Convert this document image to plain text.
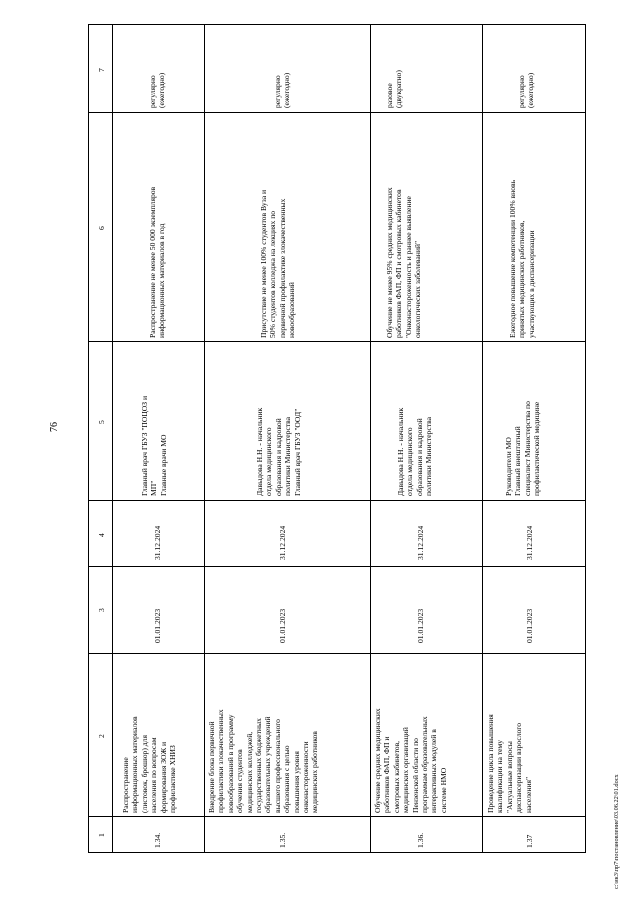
76
1
2
3
4
5
6
7
1.34.
Распространение
информационных материалов
(листовок, брошюр) для
населения по вопросам
формирования ЗОЖ и
профилактике ХНИЗ
01.01.2023
31.12.2024
Главный врач ГБУЗ "ПОЦОЗ и
МП"
Главные врачи МО
Распространение не менее 50 000 экземпляров
информационных материалов в год
регулярно
(ежегодно)
1.35.
Внедрение блока первичной
профилактики злокачественных
новообразований в программу
обучения студентов
медицинских колледжей,
государственных бюджетных
образовательных учреждений
высшего профессионального
образования с целью
повышения уровня
онконастороженности
медицинских работников
01.01.2023
31.12.2024
Давыдова Н.Н. - начальник
отдела медицинского
образования и кадровой
политики Министерства
Главный врач ГБУЗ "ООД"
Присутствие не менее 100% студентов Вуза и
50% студентов колледжа на лекциях по
первичной профилактике злокачественных
новообразований
регулярно
(ежегодно)
1.36.
Обучение средних медицинских
работников ФАП, ФП и
смотровых кабинетов,
медицинских организаций
Пензенской области по
программам образовательных
интерактивных модулей в
системе НМО
01.01.2023
31.12.2024
Давыдова Н.Н. - начальник
отдела медицинского
образования и кадровой
политики Министерства
Обучение не менее 95% средних медицинских
работников ФАП, ФП и смотровых кабинетов
"Онконастороженность и раннее выявление
онкологических заболеваний"
разовое
(двукратно)
1.37
Проведение цикла повышения
квалификации на тему
"Актуальные вопросы
диспансеризации взрослого
населения"
01.01.2023
31.12.2024
Руководители МО
Главный внештатный
специалист Министерства по
профилактической медицине
Ежегодное повышение компетенции 100% вновь
принятых медицинских работников,
участвующих в диспансеризации
регулярно
(ежегодно)
c:\ик3\пр7\постановление\03.06.22\01.docx
